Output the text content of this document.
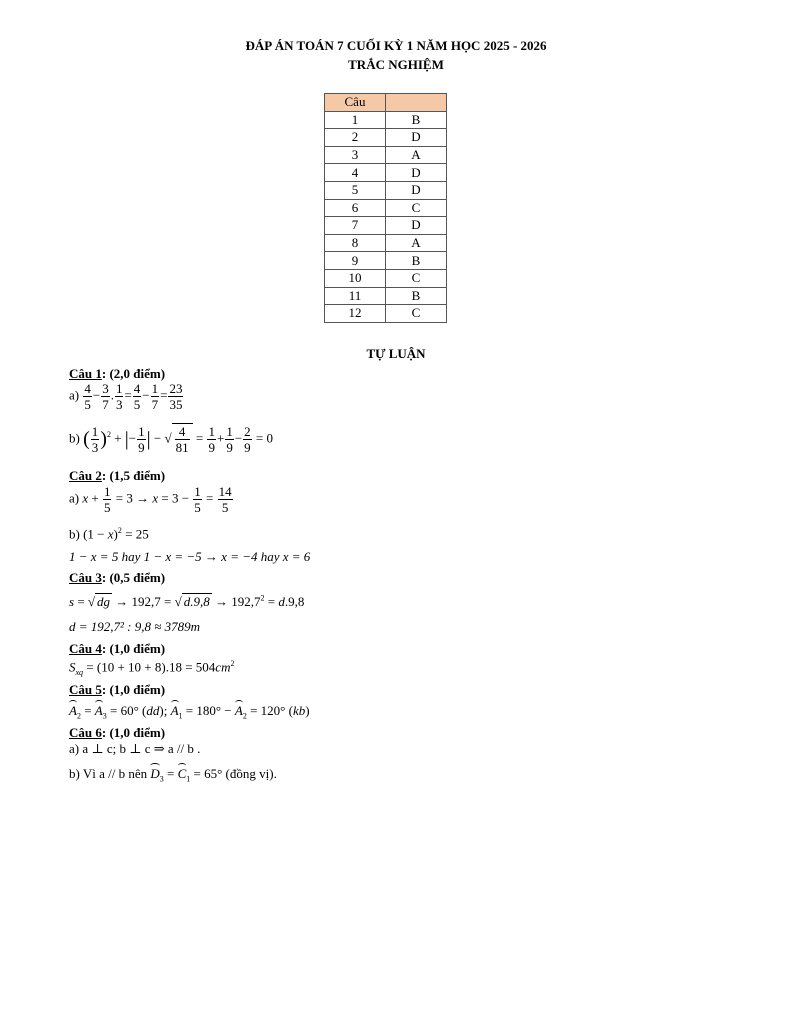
ĐÁP ÁN TOÁN 7 CUỐI KỲ 1 NĂM HỌC 2025 - 2026
TRẮC NGHIỆM
Câu	
1	B
2	D
3	A
4	D
5	D
6	C
7	D
8	A
9	B
10	C
11	B
12	C
TỰ LUẬN
Câu 1: (2,0 điểm)
$a) \frac{4}{5} - \frac{3}{7}$ . $\frac{1}{3} = \frac{4}{5} - \frac{1}{7} = \frac{23}{35}$
b) ( $\frac{1}{3} )^2$ + |− $\frac{1}{9}$ | − √ $\frac{4}{81} = \frac{1}{9} + \frac{1}{9} - \frac{2}{9} = 0$
Câu 2: (1,5 điểm)
a) $x + \frac{1}{5} = 3 \to x = 3 - \frac{1}{5} = \frac{14}{5}$
b) $(1 - x)^2 = 25$
1 − x = 5 hay 1 − x = −5 → x = −4 hay x = 6
Câu 3: (0,5 điểm)
s = √ dg → 192,7 = √ $d.9,8 \to 192,7^2 = d.9,8$
d = 192,7² : 9,8 ≈ 3789m
Câu 4: (1,0 điểm)
$S_{xq} = (10 + 10 + 8).18 = 504cm^2$
Câu 5: (1,0 điểm)
$A_2 = A_3 = 60^\circ$ (dd); $A_1 = 180^\circ - A_2 = 120^\circ$ (kb)
Câu 6: (1,0 điểm)
a) a ⊥ c; b ⊥ c ⇒ a // b .
b) Vì a // b nên $D_3 = C_1 = 65^\circ$ (đồng vị).
